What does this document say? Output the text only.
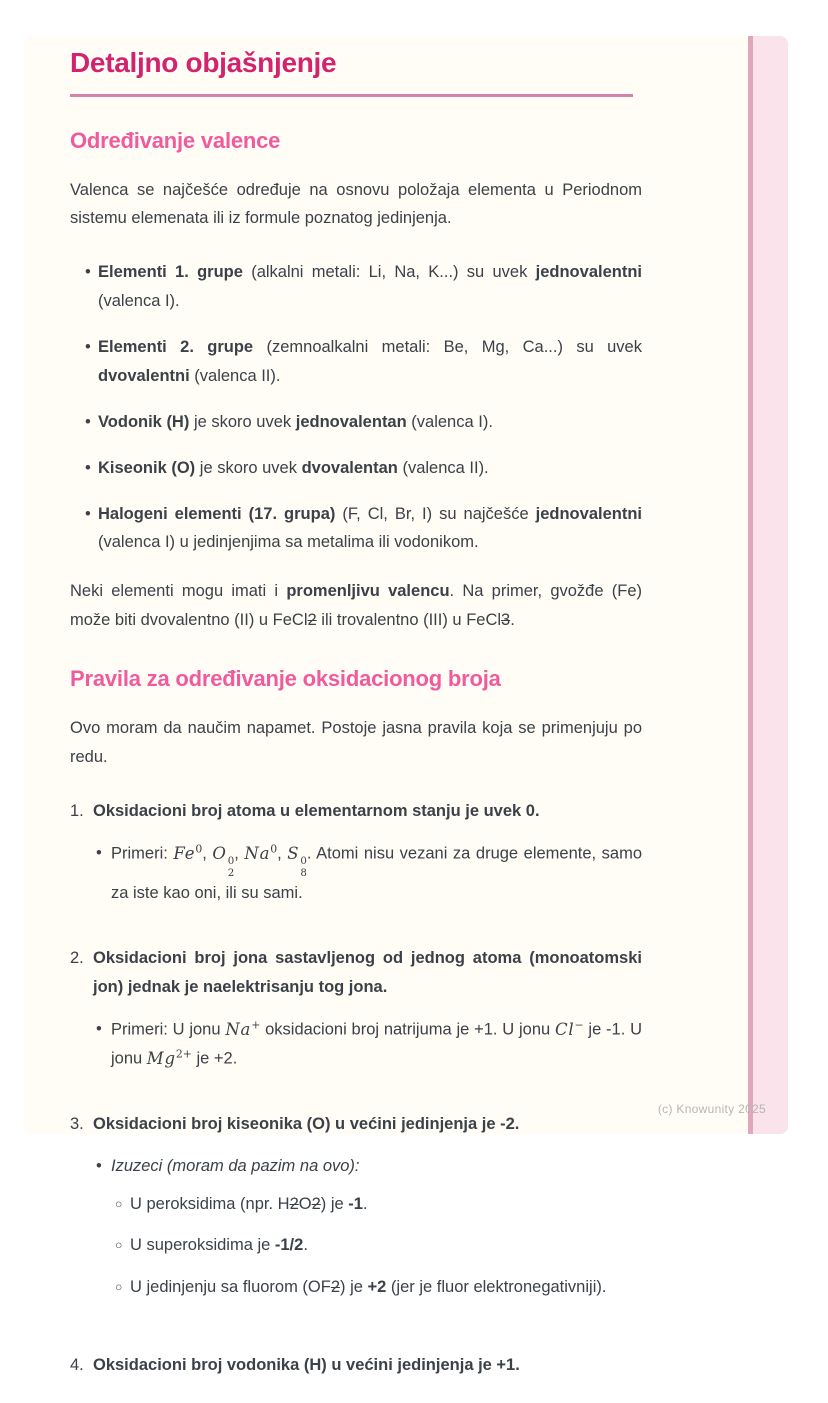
Detaljno objašnjenje
Određivanje valence

Valenca se najčešće određuje na osnovu položaja elementa u Periodnom sistemu elemenata ili iz formule poznatog jedinjenja.

• Elementi 1. grupe (alkalni metali: Li, Na, K...) su uvek jednovalentni (valenca I).
• Elementi 2. grupe (zemnoalkalni metali: Be, Mg, Ca...) su uvek dvovalentni (valenca II).
• Vodonik (H) je skoro uvek jednovalentan (valenca I).
• Kiseonik (O) je skoro uvek dvovalentan (valenca II).
• Halogeni elementi (17. grupa) (F, Cl, Br, I) su najčešće jednovalentni (valenca I) u jedinjenjima sa metalima ili vodonikom.

Neki elementi mogu imati i promenljivu valencu. Na primer, gvožđe (Fe) može biti dvovalentno (II) u FeCl2 ili trovalentno (III) u FeCl3.

Pravila za određivanje oksidacionog broja

Ovo moram da naučim napamet. Postoje jasna pravila koja se primenjuju po redu.

1. Oksidacioni broj atoma u elementarnom stanju je uvek 0.
• Primeri: Fe$^0$, O 0
2
, Na$^0$, S 0
8
. Atomi nisu vezani za druge elemente, samo za iste kao oni, ili su sami.
2. Oksidacioni broj jona sastavljenog od jednog atoma (monoatomski jon) jednak je naelektrisanju tog jona.
• Primeri: U jonu Na+ oksidacioni broj natrijuma je +1. U jonu Cl− je -1. U jonu $Mg^{2+}$ je +2.
3. Oksidacioni broj kiseonika (O) u većini jedinjenja je -2.
• Izuzeci (moram da pazim na ovo):
○ U peroksidima (npr. H2O2) je -1.
○ U superoksidima je -1/2.
○ U jedinjenju sa fluorom (OF2) je +2 (jer je fluor elektronegativniji).
4. Oksidacioni broj vodonika (H) u većini jedinjenja je +1.
(c) Knowunity 2025
